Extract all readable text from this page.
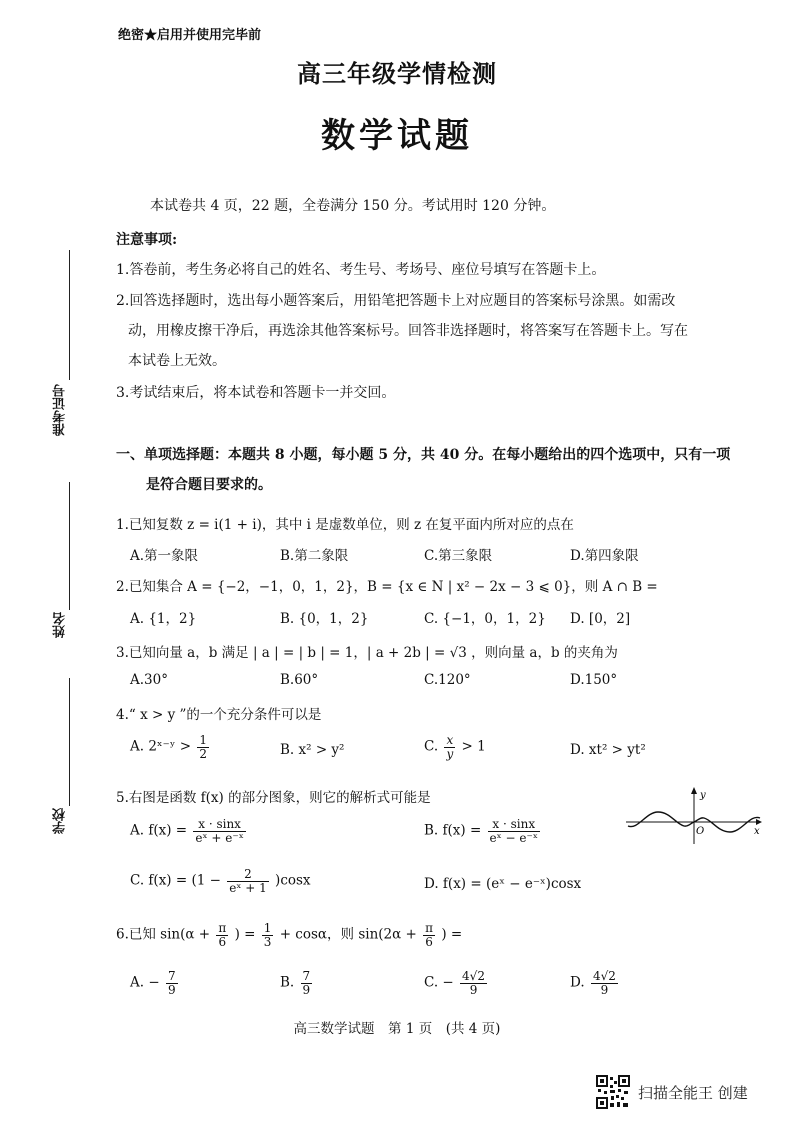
绝密★启用并使用完毕前
高三年级学情检测
数学试题
准考证号
姓名
学校
本试卷共 4 页，22 题，全卷满分 150 分。考试用时 120 分钟。
注意事项:
1.答卷前，考生务必将自己的姓名、考生号、考场号、座位号填写在答题卡上。
2.回答选择题时，选出每小题答案后，用铅笔把答题卡上对应题目的答案标号涂黑。如需改
动，用橡皮擦干净后，再选涂其他答案标号。回答非选择题时，将答案写在答题卡上。写在
本试卷上无效。
3.考试结束后，将本试卷和答题卡一并交回。
一、单项选择题：本题共 8 小题，每小题 5 分，共 40 分。在每小题给出的四个选项中，只有一项
是符合题目要求的。
1.已知复数 z = i(1 + i)，其中 i 是虚数单位，则 z 在复平面内所对应的点在
A.第一象限	B.第二象限	C.第三象限	D.第四象限
2.已知集合 A = {−2，−1，0，1，2}，B = {x ∈ N | x² − 2x − 3 ⩽ 0}，则 A ∩ B =
A. {1，2}	B. {0，1，2}	C. {−1，0，1，2} D. [0，2]
3.已知向量 a，b 满足 | a | = | b | = 1，| a + 2b | = √3 ，则向量 a，b 的夹角为
A.30°	B.60°	C.120°	D.150°
4.“ x > y ”的一个充分条件可以是
A. 2ˣ⁻ʸ > $\frac{1}{2}$	B. x² > y²	C. $\frac{x}{y} > 1$	D. xt² > yt²
5.右图是函数 f(x) 的部分图象，则它的解析式可能是	y
x
O
A. $f(x) = \frac{x \cdot \sin x}{\text{eˣ + e⁻ˣ}}$	B. $f(x) = \frac{x \cdot \sin x}{\text{eˣ − e⁻ˣ}}$
C. $f(x) = (1 - \frac{2}{\text{eˣ + 1}} )\cos x$	D. f(x) = (eˣ − e⁻ˣ)cosx
6.已知 $\sin(\alpha + \frac{\pi}{6}$ ) = $\frac{1}{3} + \cos\alpha$，则 $\sin(2\alpha + \frac{\pi}{6}$ ) =
A. − $\frac{7}{9}$	B. $\frac{7}{9}$	C. − $\frac{4√2}{9}$	D. $\frac{4√2}{9}$
高三数学试题　第 1 页　(共 4 页)
扫描全能王 创建
